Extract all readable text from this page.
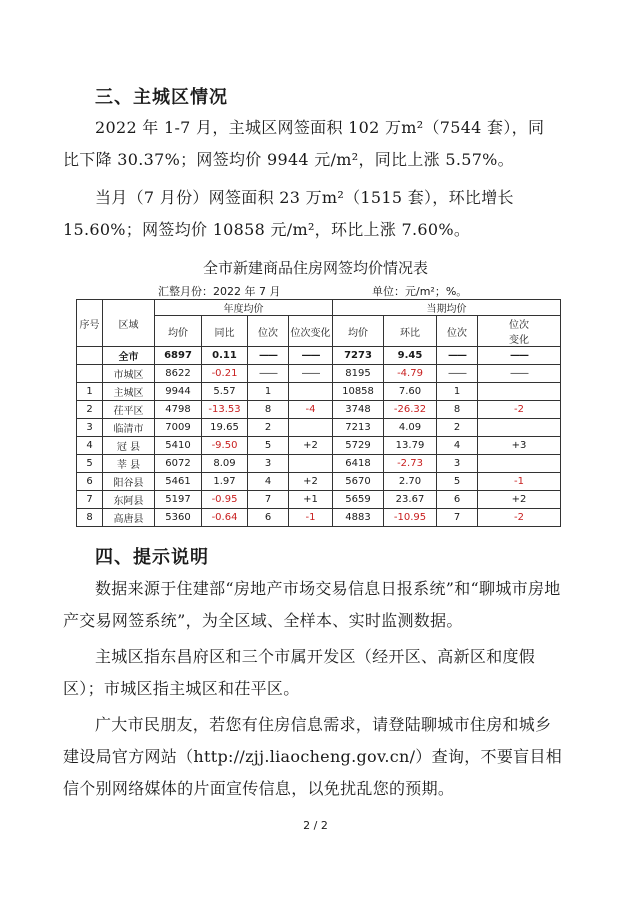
三、主城区情况
2022 年 1-7 月，主城区网签面积 102 万m²（7544 套），同比下降 30.37%；网签均价 9944 元/m²，同比上涨 5.57%。
当月（7 月份）网签面积 23 万m²（1515 套），环比增长 15.60%；网签均价 10858 元/m²，环比上涨 7.60%。
全市新建商品住房网签均价情况表
汇整月份：2022 年 7 月	单位：元/m²；%。
序号	区域	年度均价				当期均价			
		均价	同比	位次	位次变化	均价	环比	位次	位次变化
	全市	6897	0.11	——	——	7273	9.45	——	——
	市城区	8622	-0.21	——	——	8195	-4.79	——	——
1	主城区	9944	5.57	1		10858	7.60	1	
2	茌平区	4798	-13.53	8	-4	3748	-26.32	8	-2
3	临清市	7009	19.65	2		7213	4.09	2	
4	冠 县	5410	-9.50	5	+2	5729	13.79	4	+3
5	莘 县	6072	8.09	3		6418	-2.73	3	
6	阳谷县	5461	1.97	4	+2	5670	2.70	5	-1
7	东阿县	5197	-0.95	7	+1	5659	23.67	6	+2
8	高唐县	5360	-0.64	6	-1	4883	-10.95	7	-2
四、提示说明
数据来源于住建部“房地产市场交易信息日报系统”和“聊城市房地产交易网签系统”，为全区域、全样本、实时监测数据。
主城区指东昌府区和三个市属开发区（经开区、高新区和度假区）；市城区指主城区和茌平区。
广大市民朋友，若您有住房信息需求，请登陆聊城市住房和城乡建设局官方网站（http://zjj.liaocheng.gov.cn/）查询，不要盲目相信个别网络媒体的片面宣传信息，以免扰乱您的预期。
2 / 2
